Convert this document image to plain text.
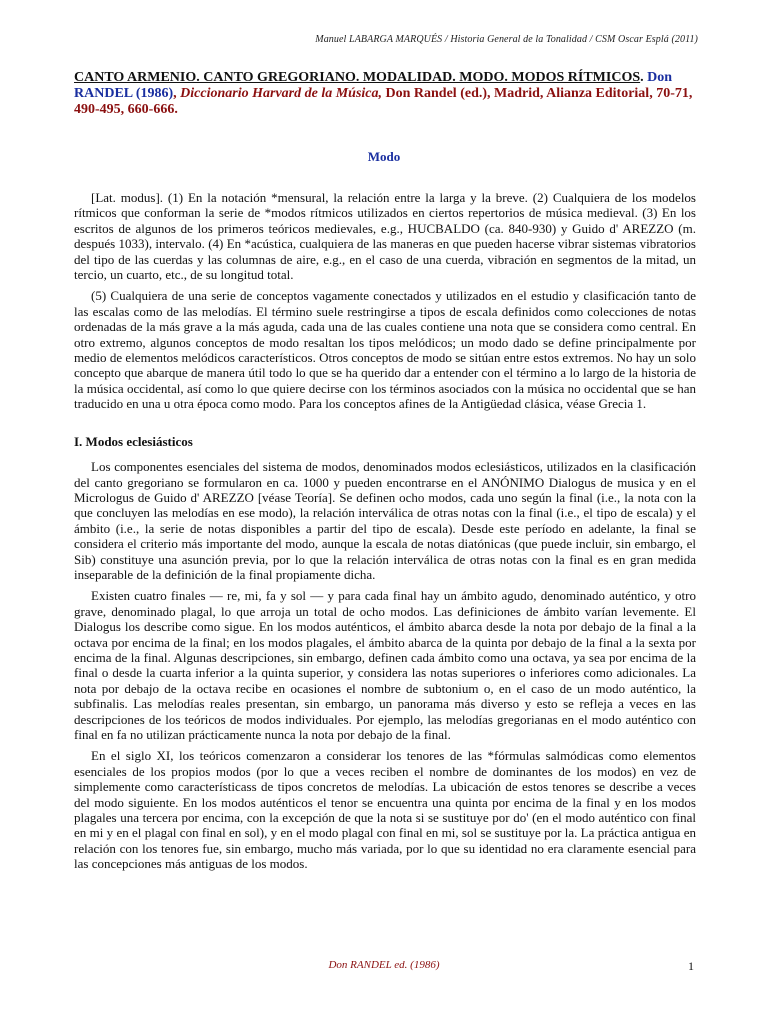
Manuel LABARGA MARQUÉS / Historia General de la Tonalidad / CSM Oscar Esplá (2011)
CANTO ARMENIO. CANTO GREGORIANO. MODALIDAD. MODO. MODOS RÍTMICOS. Don RANDEL (1986), Diccionario Harvard de la Música, Don Randel (ed.), Madrid, Alianza Editorial, 70-71, 490-495, 660-666.
Modo

[Lat. modus]. (1) En la notación *mensural, la relación entre la larga y la breve. (2) Cualquiera de los modelos rítmicos que conforman la serie de *modos rítmicos utilizados en ciertos repertorios de música medieval. (3) En los escritos de algunos de los primeros teóricos medievales, e.g., HUCBALDO (ca. 840-930) y Guido d' AREZZO (m. después 1033), intervalo. (4) En *acústica, cualquiera de las maneras en que pueden hacerse vibrar sistemas vibratorios del tipo de las cuerdas y las columnas de aire, e.g., en el caso de una cuerda, vibración en segmentos de la mitad, un tercio, un cuarto, etc., de su longitud total.

(5) Cualquiera de una serie de conceptos vagamente conectados y utilizados en el estudio y clasificación tanto de las escalas como de las melodías. El término suele restringirse a tipos de escala definidos como colecciones de notas ordenadas de la más grave a la más aguda, cada una de las cuales contiene una nota que se considera como central. En otro extremo, algunos conceptos de modo resaltan los tipos melódicos; un modo dado se define principalmente por medio de elementos melódicos característicos. Otros conceptos de modo se sitúan entre estos extremos. No hay un solo concepto que abarque de manera útil todo lo que se ha querido dar a entender con el término a lo largo de la historia de la música occidental, así como lo que quiere decirse con los términos asociados con la música no occidental que se han traducido en una u otra época como modo. Para los conceptos afines de la Antigüedad clásica, véase Grecia 1.

I. Modos eclesiásticos

Los componentes esenciales del sistema de modos, denominados modos eclesiásticos, utilizados en la clasificación del canto gregoriano se formularon en ca. 1000 y pueden encontrarse en el ANÓNIMO Dialogus de musica y en el Micrologus de Guido d' AREZZO [véase Teoría]. Se definen ocho modos, cada uno según la final (i.e., la nota con la que concluyen las melodías en ese modo), la relación interválica de otras notas con la final (i.e., el tipo de escala) y el ámbito (i.e., la serie de notas disponibles a partir del tipo de escala). Desde este período en adelante, la final se considera el criterio más importante del modo, aunque la escala de notas diatónicas (que puede incluir, sin embargo, el Sib) constituye una asunción previa, por lo que la relación interválica de otras notas con la final es en gran medida inseparable de la definición de la final propiamente dicha.

Existen cuatro finales — re, mi, fa y sol — y para cada final hay un ámbito agudo, denominado auténtico, y otro grave, denominado plagal, lo que arroja un total de ocho modos. Las definiciones de ámbito varían levemente. El Dialogus los describe como sigue. En los modos auténticos, el ámbito abarca desde la nota por debajo de la final a la octava por encima de la final; en los modos plagales, el ámbito abarca de la quinta por debajo de la final a la sexta por encima de la final. Algunas descripciones, sin embargo, definen cada ámbito como una octava, ya sea por encima de la final o desde la cuarta inferior a la quinta superior, y considera las notas superiores o inferiores como adicionales. La nota por debajo de la octava recibe en ocasiones el nombre de subtonium o, en el caso de un modo auténtico, la subfinalis. Las melodías reales presentan, sin embargo, un panorama más diverso y esto se refleja a veces en las descripciones de los teóricos de modos individuales. Por ejemplo, las melodías gregorianas en el modo auténtico con final en fa no utilizan prácticamente nunca la nota por debajo de la final.

En el siglo XI, los teóricos comenzaron a considerar los tenores de las *fórmulas salmódicas como elementos esenciales de los propios modos (por lo que a veces reciben el nombre de dominantes de los modos) en vez de simplemente como característicass de tipos concretos de melodías. La ubicación de estos tenores se describe a veces del modo siguiente. En los modos auténticos el tenor se encuentra una quinta por encima de la final y en los modos plagales una tercera por encima, con la excepción de que la nota si se sustituye por do' (en el modo auténtico con final en mi y en el plagal con final en sol), y en el modo plagal con final en mi, sol se sustituye por la. La práctica antigua en relación con los tenores fue, sin embargo, mucho más variada, por lo que su identidad no era claramente esencial para las concepciones más antiguas de los modos.

Don RANDEL ed. (1986)	1
